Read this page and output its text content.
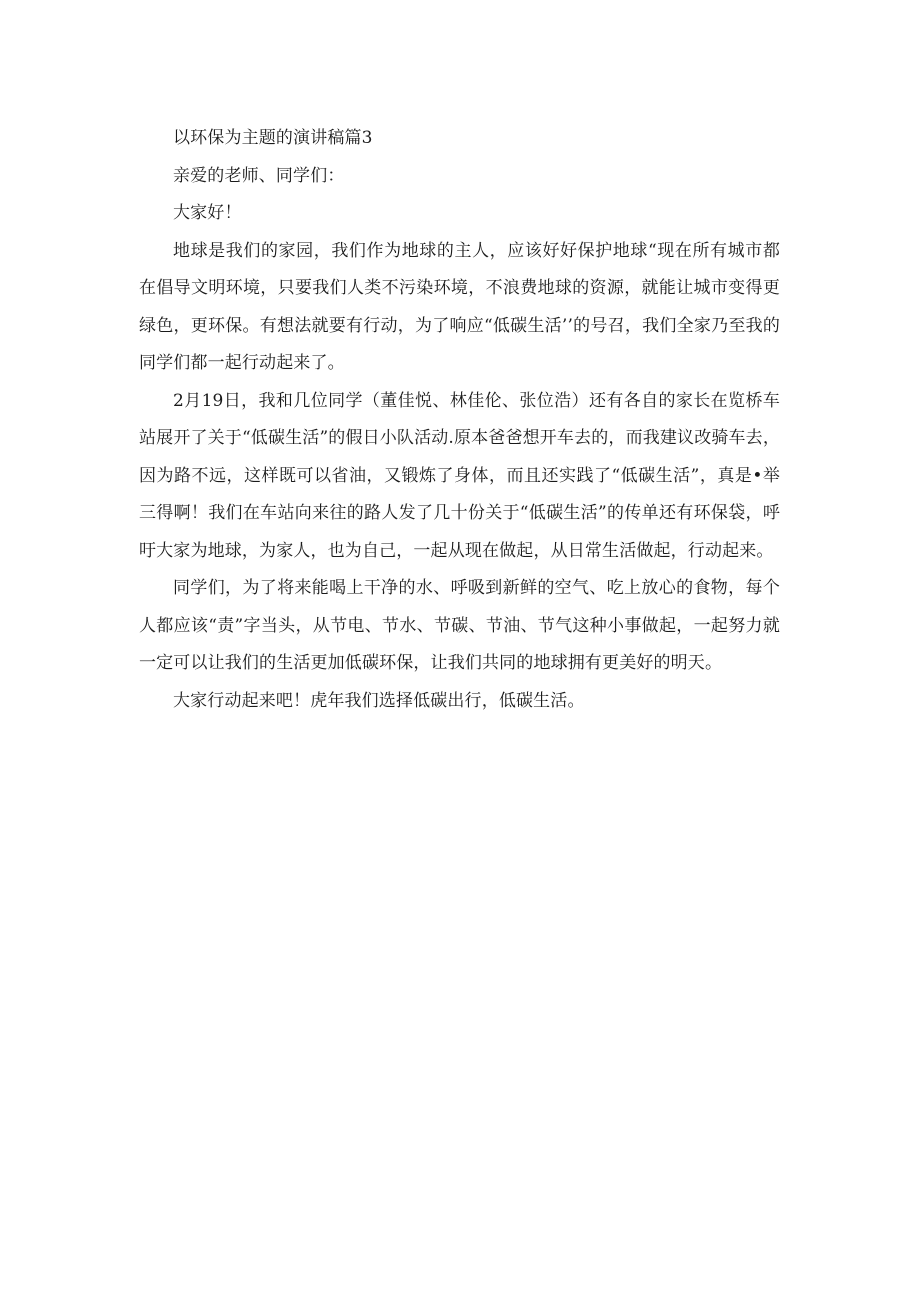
以环保为主题的演讲稿篇3

亲爱的老师、同学们：

大家好！

地球是我们的家园，我们作为地球的主人，应该好好保护地球“现在所有城市都在倡导文明环境，只要我们人类不污染环境，不浪费地球的资源，就能让城市变得更绿色，更环保。有想法就要有行动，为了响应“低碳生活’’的号召，我们全家乃至我的同学们都一起行动起来了。

2月19日，我和几位同学（董佳悦、林佳伦、张位浩）还有各自的家长在览桥车站展开了关于“低碳生活”的假日小队活动.原本爸爸想开车去的，而我建议改骑车去，因为路不远，这样既可以省油，又锻炼了身体，而且还实践了“低碳生活”，真是•举三得啊！我们在车站向来往的路人发了几十份关于“低碳生活”的传单还有环保袋，呼吁大家为地球，为家人，也为自己，一起从现在做起，从日常生活做起，行动起来。

同学们，为了将来能喝上干净的水、呼吸到新鲜的空气、吃上放心的食物，每个人都应该“责”字当头，从节电、节水、节碳、节油、节气这种小事做起，一起努力就一定可以让我们的生活更加低碳环保，让我们共同的地球拥有更美好的明天。

大家行动起来吧！虎年我们选择低碳出行，低碳生活。
